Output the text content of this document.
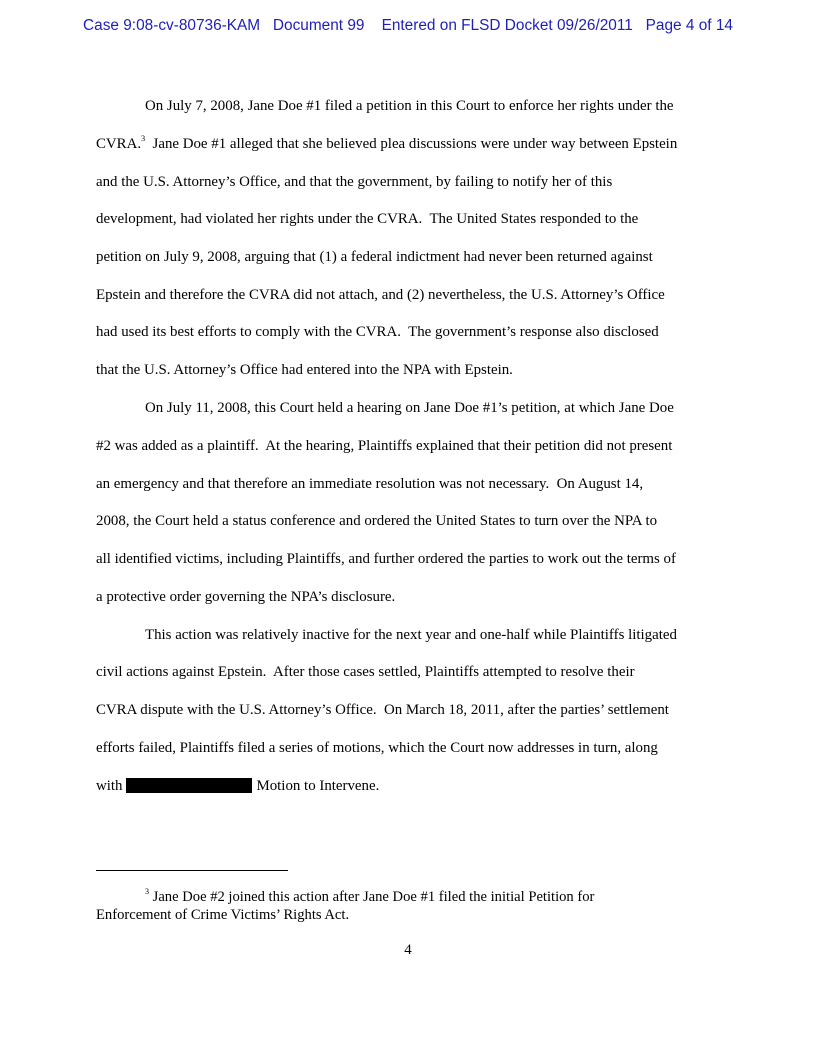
Case 9:08-cv-80736-KAM   Document 99    Entered on FLSD Docket 09/26/2011   Page 4 of 14
On July 7, 2008, Jane Doe #1 filed a petition in this Court to enforce her rights under the
CVRA.$^3$  Jane Doe #1 alleged that she believed plea discussions were under way between Epstein
and the U.S. Attorney’s Office, and that the government, by failing to notify her of this
development, had violated her rights under the CVRA.  The United States responded to the
petition on July 9, 2008, arguing that (1) a federal indictment had never been returned against
Epstein and therefore the CVRA did not attach, and (2) nevertheless, the U.S. Attorney’s Office
had used its best efforts to comply with the CVRA.  The government’s response also disclosed
that the U.S. Attorney’s Office had entered into the NPA with Epstein.
On July 11, 2008, this Court held a hearing on Jane Doe #1’s petition, at which Jane Doe
#2 was added as a plaintiff.  At the hearing, Plaintiffs explained that their petition did not present
an emergency and that therefore an immediate resolution was not necessary.  On August 14,
2008, the Court held a status conference and ordered the United States to turn over the NPA to
all identified victims, including Plaintiffs, and further ordered the parties to work out the terms of
a protective order governing the NPA’s disclosure.
This action was relatively inactive for the next year and one-half while Plaintiffs litigated
civil actions against Epstein.  After those cases settled, Plaintiffs attempted to resolve their
CVRA dispute with the U.S. Attorney’s Office.  On March 18, 2011, after the parties’ settlement
efforts failed, Plaintiffs filed a series of motions, which the Court now addresses in turn, along
with	Motion to Intervene.
$^3$ Jane Doe #2 joined this action after Jane Doe #1 filed the initial Petition for
Enforcement of Crime Victims’ Rights Act.
4
